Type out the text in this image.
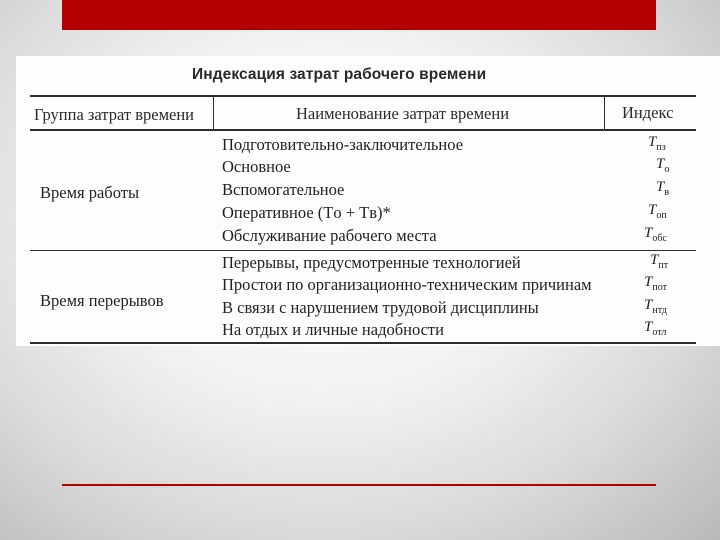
Индексация затрат рабочего времени
Группа затрат времени	Наименование затрат времени	Индекс
Время работы
Подготовительно-заключительное
Основное
Вспомогательное
Оперативное (Tо + Tв)*
Обслуживание рабочего места
$T_{пз}$
$T_о$
$T_в$
$T_{оп}$
$T_{обс}$
Время перерывов
Перерывы, предусмотренные технологией
Простои по организационно-техническим причинам
В связи с нарушением трудовой дисциплины
На отдых и личные надобности
$T_{пт}$
$T_{пот}$
$T_{нтд}$
$T_{отл}$
